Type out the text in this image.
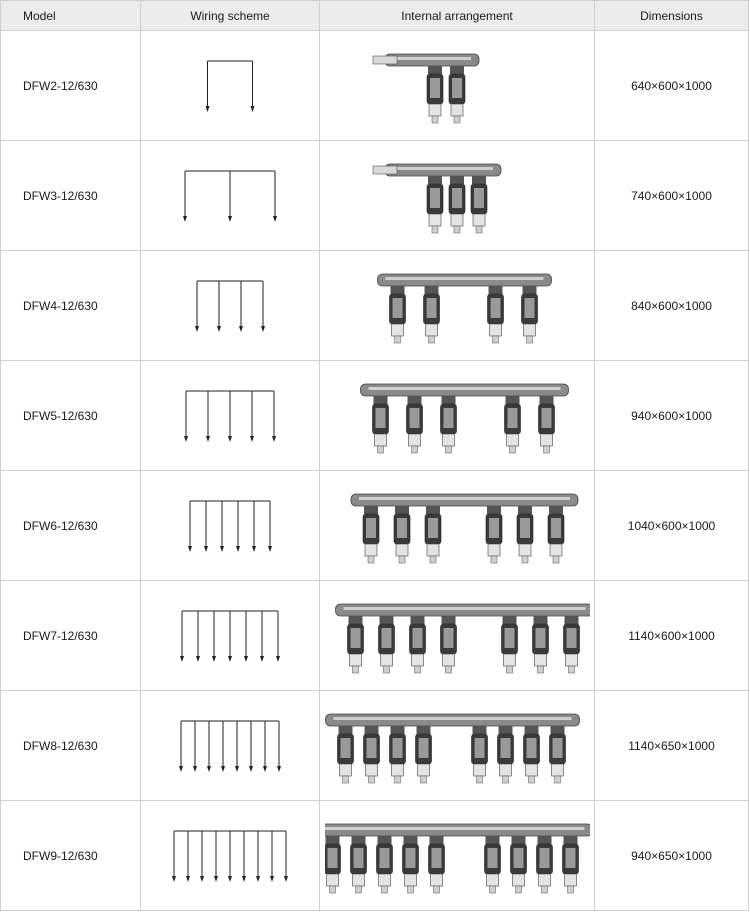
Model	Wiring scheme	Internal arrangement	Dimensions
DFW2-12/630			640×600×1000
DFW3-12/630			740×600×1000
DFW4-12/630			840×600×1000
DFW5-12/630			940×600×1000
DFW6-12/630			1040×600×1000
DFW7-12/630			1140×600×1000
DFW8-12/630			1140×650×1000
DFW9-12/630			940×650×1000
